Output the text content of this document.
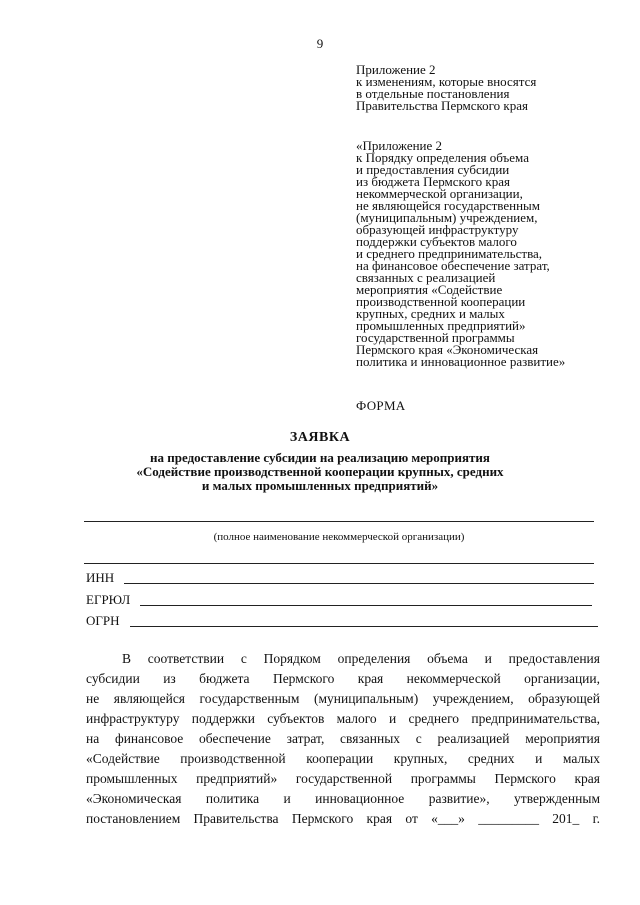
9
Приложение 2
к изменениям, которые вносятся
в отдельные постановления
Правительства Пермского края
«Приложение 2
к Порядку определения объема
и предоставления субсидии
из бюджета Пермского края
некоммерческой организации,
не являющейся государственным
(муниципальным) учреждением,
образующей инфраструктуру
поддержки субъектов малого
и среднего предпринимательства,
на финансовое обеспечение затрат,
связанных с реализацией
мероприятия «Содействие
производственной кооперации
крупных, средних и малых
промышленных предприятий»
государственной программы
Пермского края «Экономическая
политика и инновационное развитие»
ФОРМА
ЗАЯВКА
на предоставление субсидии на реализацию мероприятия
«Содействие производственной кооперации крупных, средних
и малых промышленных предприятий»
(полное наименование некоммерческой организации)
ИНН
ЕГРЮЛ
ОГРН
В соответствии с Порядком определения объема и предоставления
субсидии из бюджета Пермского края некоммерческой организации,
не являющейся государственным (муниципальным) учреждением, образующей
инфраструктуру поддержки субъектов малого и среднего предпринимательства,
на финансовое обеспечение затрат, связанных с реализацией мероприятия
«Содействие производственной кооперации крупных, средних и малых
промышленных предприятий» государственной программы Пермского края
«Экономическая политика и инновационное развитие», утвержденным
постановлением Правительства Пермского края от «___» _________ 201_ г.
